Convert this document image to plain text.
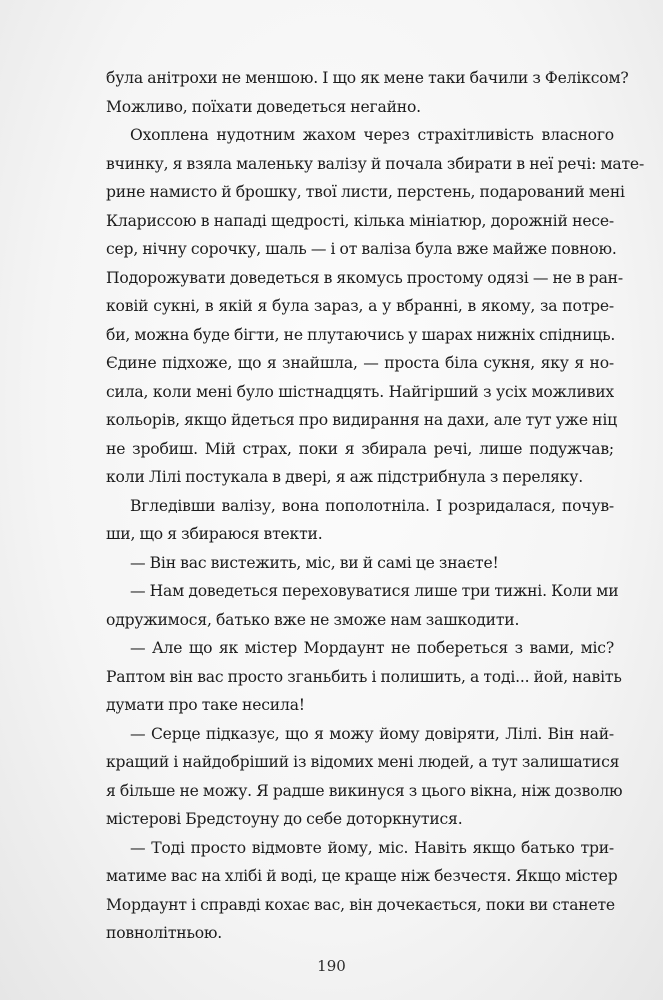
була анітрохи не меншою. І що як мене таки бачили з Феліксом?
Можливо, поїхати доведеться негайно.
Охоплена нудотним жахом через страхітливість власного
вчинку, я взяла маленьку валізу й почала збирати в неї речі: мате-
рине намисто й брошку, твої листи, перстень, подарований мені
Клариссою в нападі щедрості, кілька мініатюр, дорожній несе-
сер, нічну сорочку, шаль — і от валіза була вже майже повною.
Подорожувати доведеться в якомусь простому одязі — не в ран-
ковій сукні, в якій я була зараз, а у вбранні, в якому, за потре-
би, можна буде бігти, не плутаючись у шарах нижніх спідниць.
Єдине підхоже, що я знайшла, — проста біла сукня, яку я но-
сила, коли мені було шістнадцять. Найгірший з усіх можливих
кольорів, якщо йдеться про видирання на дахи, але тут уже ніц
не зробиш. Мій страх, поки я збирала речі, лише подужчав;
коли Лілі постукала в двері, я аж підстрибнула з переляку.
Вгледівши валізу, вона пополотніла. І розридалася, почув-
ши, що я збираюся втекти.
— Він вас вистежить, міс, ви й самі це знаєте!
— Нам доведеться переховуватися лише три тижні. Коли ми
одружимося, батько вже не зможе нам зашкодити.
— Але що як містер Мордаунт не побереться з вами, міс?
Раптом він вас просто зганьбить і полишить, а тоді... йой, навіть
думати про таке несила!
— Серце підказує, що я можу йому довіряти, Лілі. Він най-
кращий і найдобріший із відомих мені людей, а тут залишатися
я більше не можу. Я радше викинуся з цього вікна, ніж дозволю
містерові Бредстоуну до себе доторкнутися.
— Тоді просто відмовте йому, міс. Навіть якщо батько три-
матиме вас на хлібі й воді, це краще ніж безчестя. Якщо містер
Мордаунт і справді кохає вас, він дочекається, поки ви станете
повнолітньою.
190
